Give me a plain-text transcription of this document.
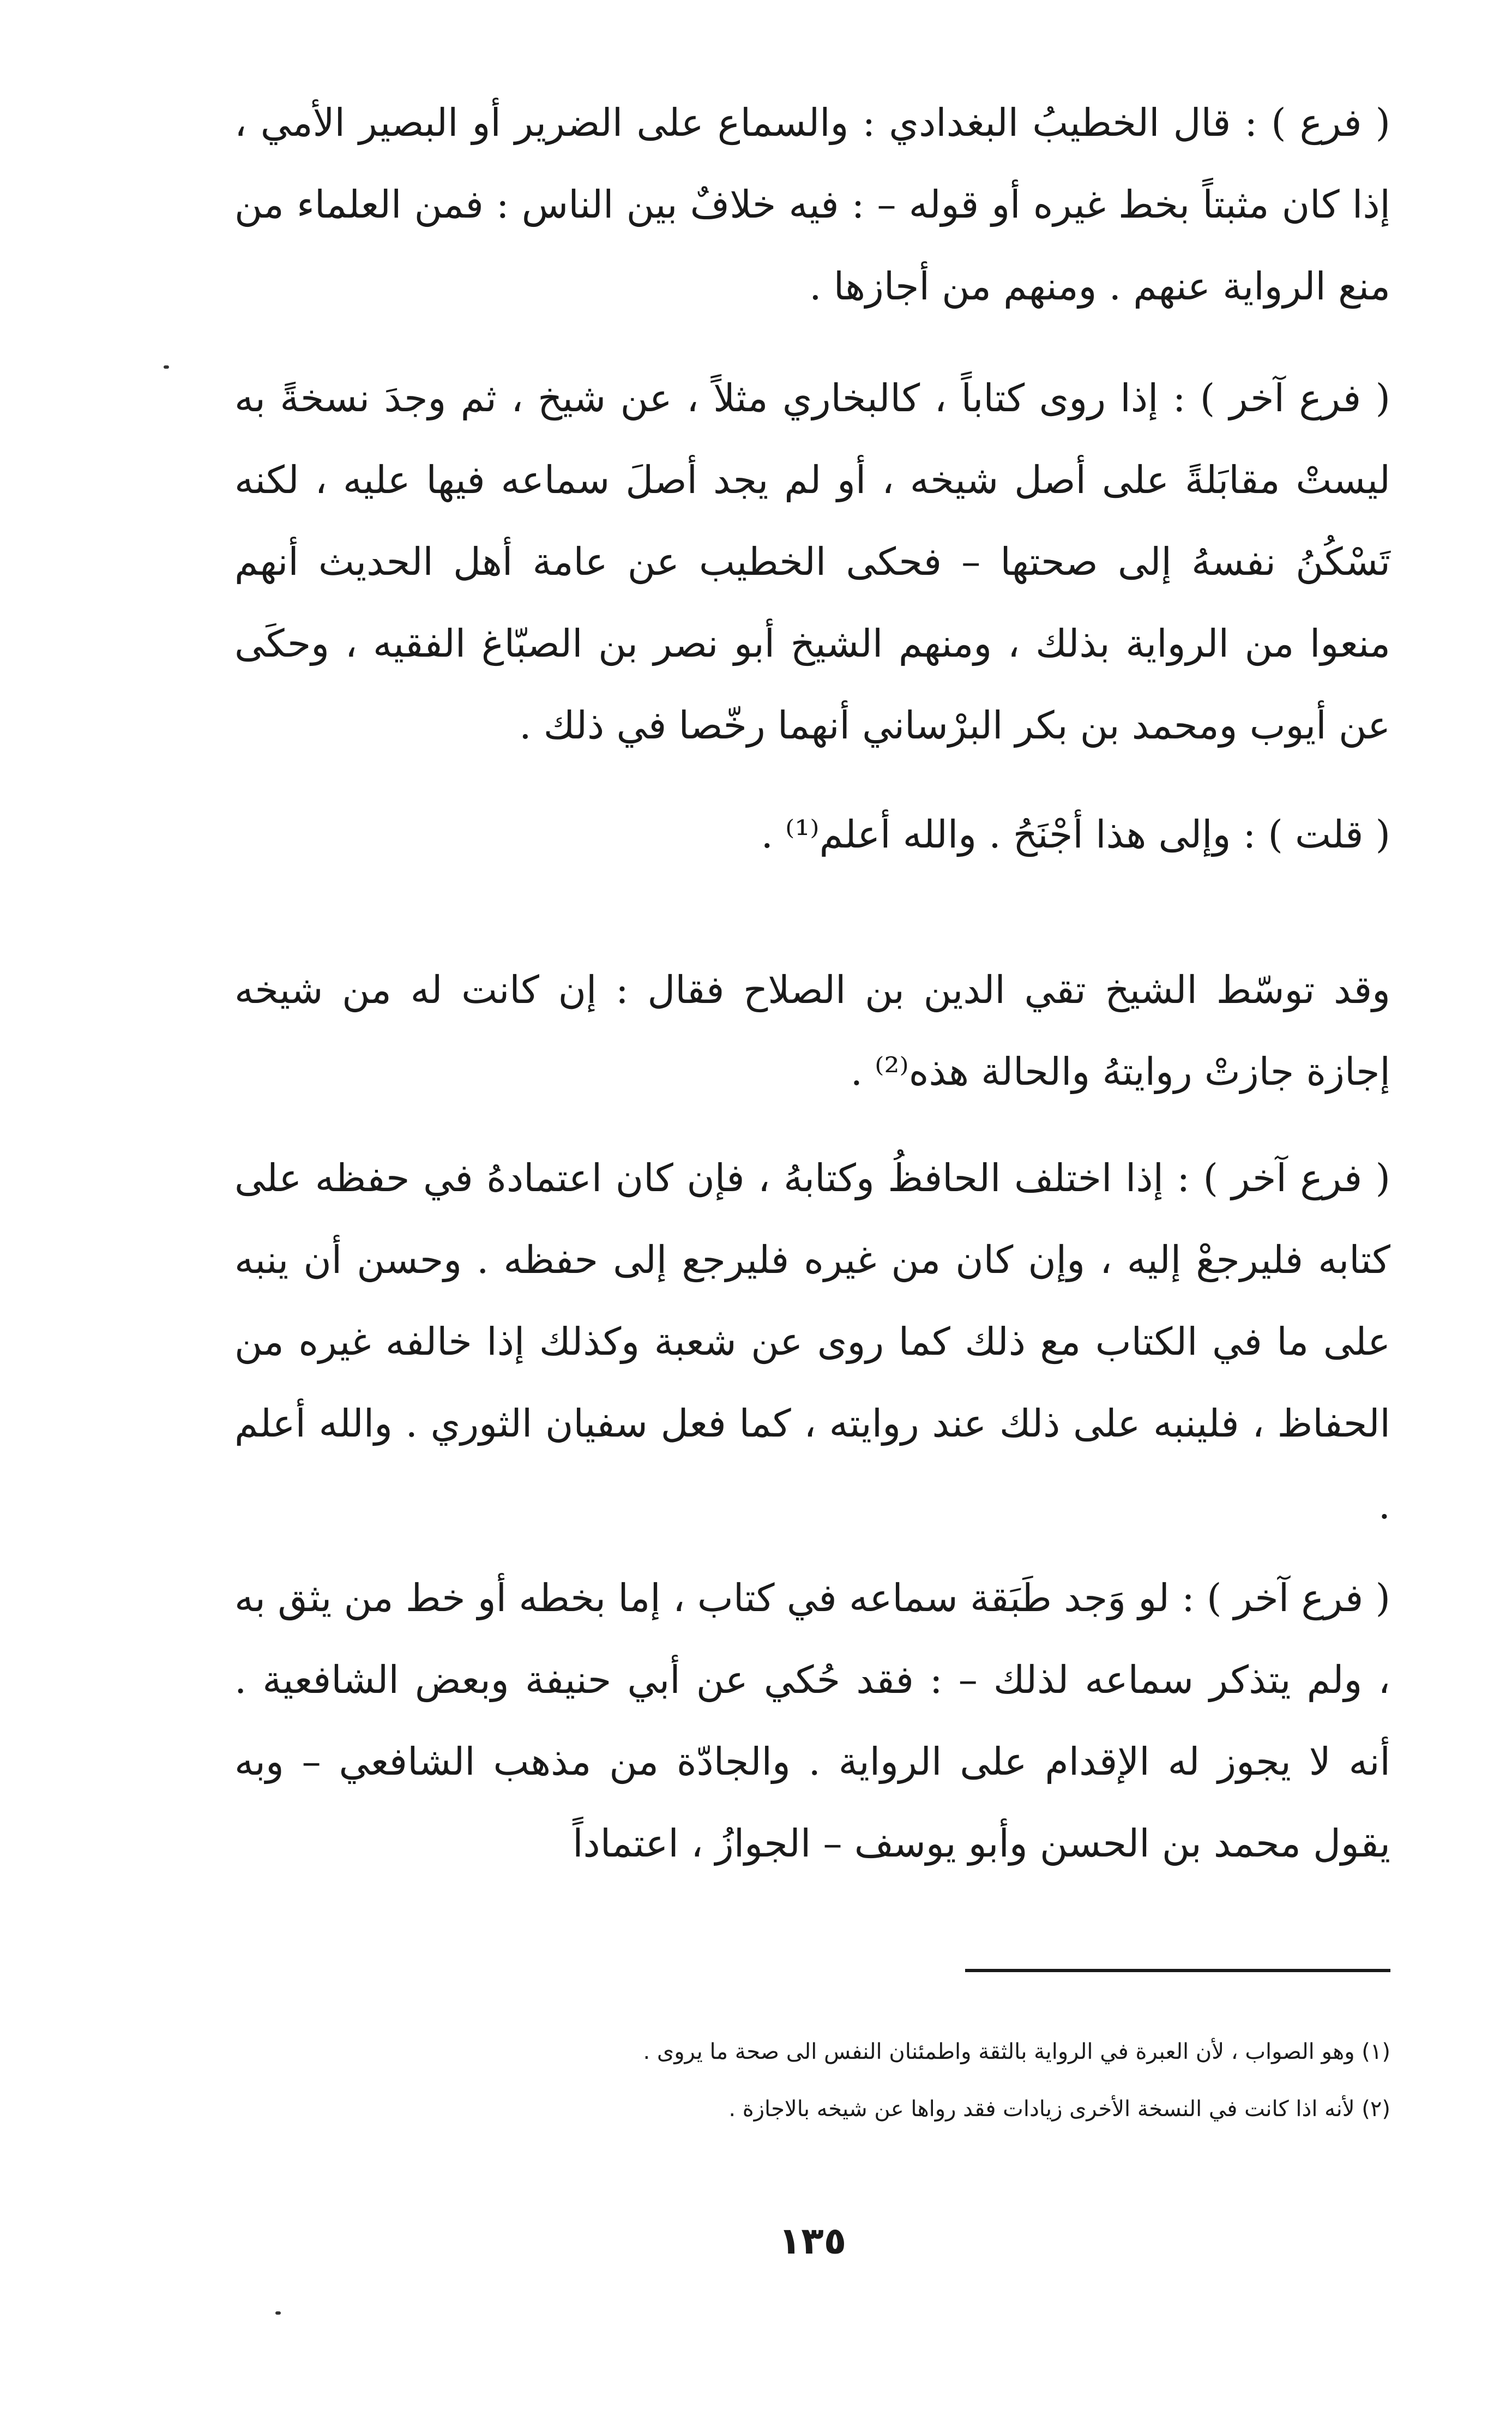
( فرع ) : قال الخطيبُ البغدادي : والسماع على الضرير أو البصير الأمي ، إذا كان مثبتاً بخط غيره أو قوله – : فيه خلافٌ بين الناس : فمن العلماء من منع الرواية عنهم . ومنهم من أجازها .

( فرع آخر ) : إذا روى كتاباً ، كالبخاري مثلاً ، عن شيخ ، ثم وجدَ نسخةً به ليستْ مقابَلةً على أصل شيخه ، أو لم يجد أصلَ سماعه فيها عليه ، لكنه تَسْكُنُ نفسهُ إلى صحتها – فحكى الخطيب عن عامة أهل الحديث أنهم منعوا من الرواية بذلك ، ومنهم الشيخ أبو نصر بن الصبّاغ الفقيه ، وحكَى عن أيوب ومحمد بن بكر البرْساني أنهما رخّصا في ذلك .

( قلت ) : وإلى هذا أجْنَحُ . والله أعلم⁽¹⁾ .

وقد توسّط الشيخ تقي الدين بن الصلاح فقال : إن كانت له من شيخه إجازة جازتْ روايتهُ والحالة هذه⁽²⁾ .

( فرع آخر ) : إذا اختلف الحافظُ وكتابهُ ، فإن كان اعتمادهُ في حفظه على كتابه فليرجعْ إليه ، وإن كان من غيره فليرجع إلى حفظه . وحسن أن ينبه على ما في الكتاب مع ذلك كما روى عن شعبة وكذلك إذا خالفه غيره من الحفاظ ، فلينبه على ذلك عند روايته ، كما فعل سفيان الثوري . والله أعلم .

( فرع آخر ) : لو وَجد طَبَقة سماعه في كتاب ، إما بخطه أو خط من يثق به ، ولم يتذكر سماعه لذلك – : فقد حُكي عن أبي حنيفة وبعض الشافعية . أنه لا يجوز له الإقدام على الرواية . والجادّة من مذهب الشافعي – وبه يقول محمد بن الحسن وأبو يوسف – الجوازُ ، اعتماداً

(١) وهو الصواب ، لأن العبرة في الرواية بالثقة واطمئنان النفس الى صحة ما يروى .

(٢) لأنه اذا كانت في النسخة الأخرى زيادات فقد رواها عن شيخه بالاجازة .

١٣٥
